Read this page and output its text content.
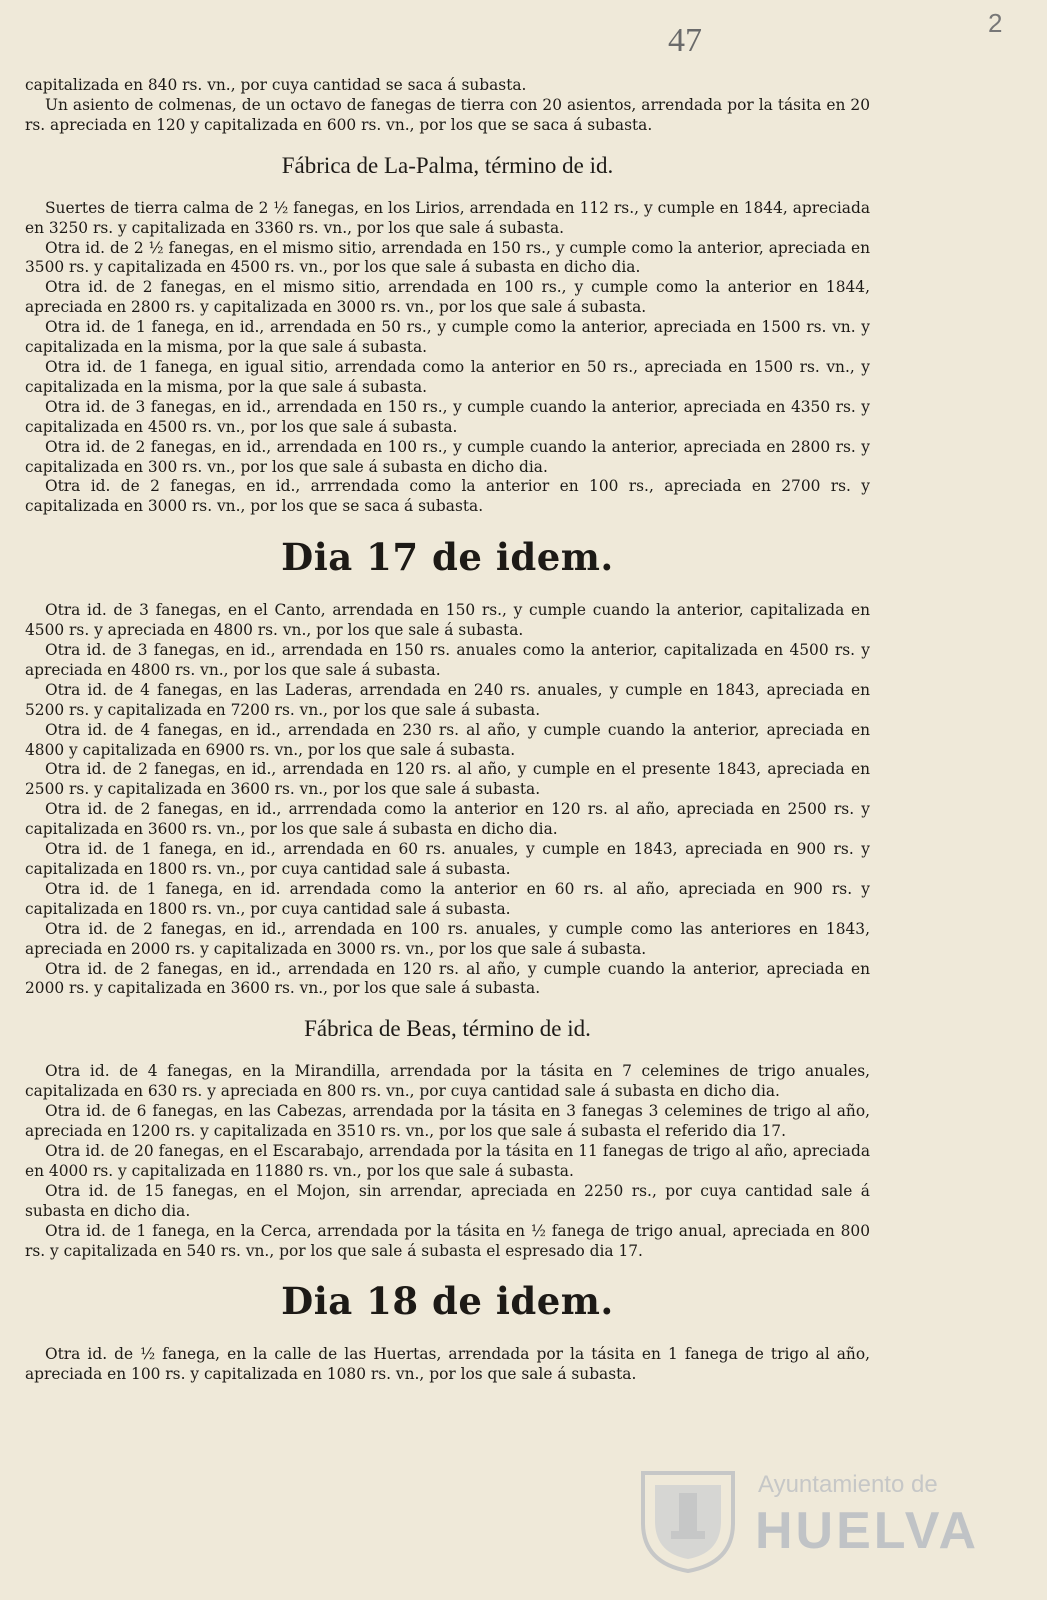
47	2

capitalizada en 840 rs. vn., por cuya cantidad se saca á subasta.

Un asiento de colmenas, de un octavo de fanegas de tierra con 20 asientos, arrendada por la tásita en 20 rs. apreciada en 120 y capitalizada en 600 rs. vn., por los que se saca á subasta.

Fábrica de La-Palma, término de id.

Suertes de tierra calma de 2 ½ fanegas, en los Lirios, arrendada en 112 rs., y cumple en 1844, apreciada en 3250 rs. y capitalizada en 3360 rs. vn., por los que sale á subasta.

Otra id. de 2 ½ fanegas, en el mismo sitio, arrendada en 150 rs., y cumple como la anterior, apreciada en 3500 rs. y capitalizada en 4500 rs. vn., por los que sale á subasta en dicho dia.

Otra id. de 2 fanegas, en el mismo sitio, arrendada en 100 rs., y cumple como la anterior en 1844, apreciada en 2800 rs. y capitalizada en 3000 rs. vn., por los que sale á subasta.

Otra id. de 1 fanega, en id., arrendada en 50 rs., y cumple como la anterior, apreciada en 1500 rs. vn. y capitalizada en la misma, por la que sale á subasta.

Otra id. de 1 fanega, en igual sitio, arrendada como la anterior en 50 rs., apreciada en 1500 rs. vn., y capitalizada en la misma, por la que sale á subasta.

Otra id. de 3 fanegas, en id., arrendada en 150 rs., y cumple cuando la anterior, apreciada en 4350 rs. y capitalizada en 4500 rs. vn., por los que sale á subasta.

Otra id. de 2 fanegas, en id., arrendada en 100 rs., y cumple cuando la anterior, apreciada en 2800 rs. y capitalizada en 300 rs. vn., por los que sale á subasta en dicho dia.

Otra id. de 2 fanegas, en id., arrrendada como la anterior en 100 rs., apreciada en 2700 rs. y capitalizada en 3000 rs. vn., por los que se saca á subasta.

Dia 17 de idem.

Otra id. de 3 fanegas, en el Canto, arrendada en 150 rs., y cumple cuando la anterior, capitalizada en 4500 rs. y apreciada en 4800 rs. vn., por los que sale á subasta.

Otra id. de 3 fanegas, en id., arrendada en 150 rs. anuales como la anterior, capitalizada en 4500 rs. y apreciada en 4800 rs. vn., por los que sale á subasta.

Otra id. de 4 fanegas, en las Laderas, arrendada en 240 rs. anuales, y cumple en 1843, apreciada en 5200 rs. y capitalizada en 7200 rs. vn., por los que sale á subasta.

Otra id. de 4 fanegas, en id., arrendada en 230 rs. al año, y cumple cuando la anterior, apreciada en 4800 y capitalizada en 6900 rs. vn., por los que sale á subasta.

Otra id. de 2 fanegas, en id., arrendada en 120 rs. al año, y cumple en el presente 1843, apreciada en 2500 rs. y capitalizada en 3600 rs. vn., por los que sale á subasta.

Otra id. de 2 fanegas, en id., arrrendada como la anterior en 120 rs. al año, apreciada en 2500 rs. y capitalizada en 3600 rs. vn., por los que sale á subasta en dicho dia.

Otra id. de 1 fanega, en id., arrendada en 60 rs. anuales, y cumple en 1843, apreciada en 900 rs. y capitalizada en 1800 rs. vn., por cuya cantidad sale á subasta.

Otra id. de 1 fanega, en id. arrendada como la anterior en 60 rs. al año, apreciada en 900 rs. y capitalizada en 1800 rs. vn., por cuya cantidad sale á subasta.

Otra id. de 2 fanegas, en id., arrendada en 100 rs. anuales, y cumple como las anteriores en 1843, apreciada en 2000 rs. y capitalizada en 3000 rs. vn., por los que sale á subasta.

Otra id. de 2 fanegas, en id., arrendada en 120 rs. al año, y cumple cuando la anterior, apreciada en 2000 rs. y capitalizada en 3600 rs. vn., por los que sale á subasta.

Fábrica de Beas, término de id.

Otra id. de 4 fanegas, en la Mirandilla, arrendada por la tásita en 7 celemines de trigo anuales, capitalizada en 630 rs. y apreciada en 800 rs. vn., por cuya cantidad sale á subasta en dicho dia.

Otra id. de 6 fanegas, en las Cabezas, arrendada por la tásita en 3 fanegas 3 celemines de trigo al año, apreciada en 1200 rs. y capitalizada en 3510 rs. vn., por los que sale á subasta el referido dia 17.

Otra id. de 20 fanegas, en el Escarabajo, arrendada por la tásita en 11 fanegas de trigo al año, apreciada en 4000 rs. y capitalizada en 11880 rs. vn., por los que sale á subasta.

Otra id. de 15 fanegas, en el Mojon, sin arrendar, apreciada en 2250 rs., por cuya cantidad sale á subasta en dicho dia.

Otra id. de 1 fanega, en la Cerca, arrendada por la tásita en ½ fanega de trigo anual, apreciada en 800 rs. y capitalizada en 540 rs. vn., por los que sale á subasta el espresado dia 17.

Dia 18 de idem.

Otra id. de ½ fanega, en la calle de las Huertas, arrendada por la tásita en 1 fanega de trigo al año, apreciada en 100 rs. y capitalizada en 1080 rs. vn., por los que sale á subasta.

Ayuntamiento de
HUELVA
